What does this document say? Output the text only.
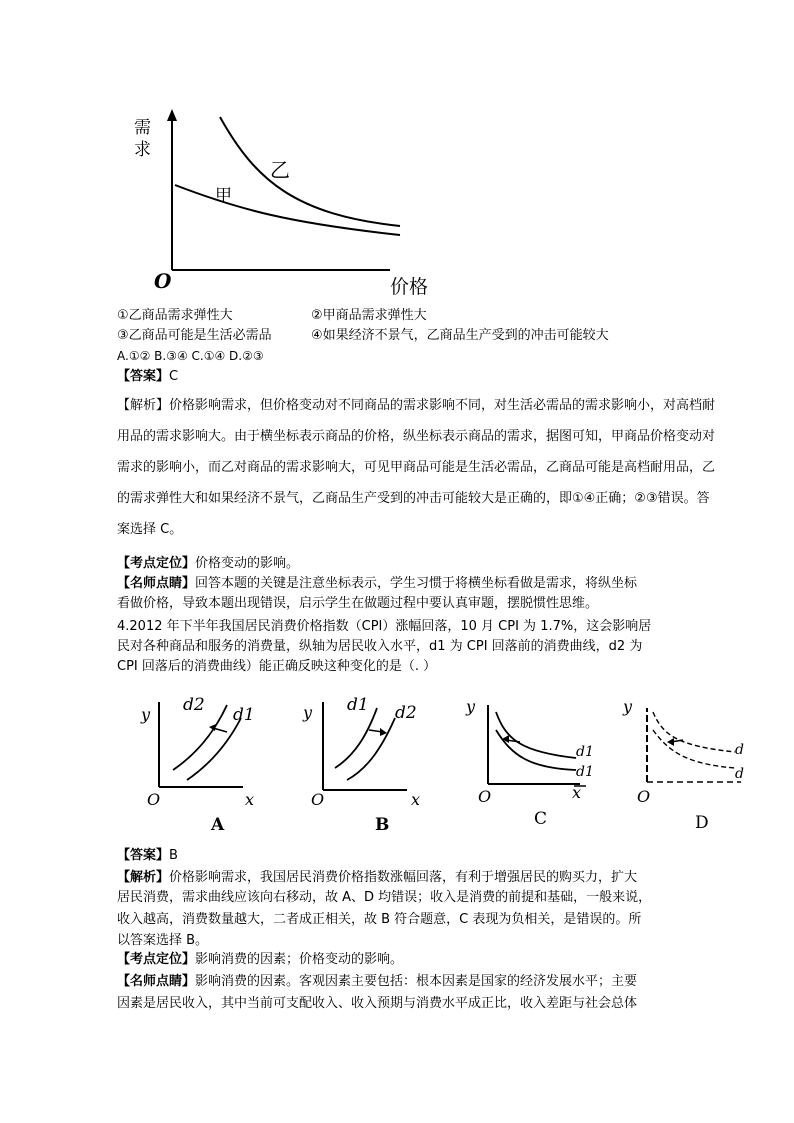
需
求
O	价格
甲
乙
①乙商品需求弹性大	②甲商品需求弹性大
③乙商品可能是生活必需品	④如果经济不景气，乙商品生产受到的冲击可能较大
A.①② B.③④ C.①④ D.②③
【答案】C
【解析】价格影响需求，但价格变动对不同商品的需求影响不同，对生活必需品的需求影响小，对高档耐
用品的需求影响大。由于横坐标表示商品的价格，纵坐标表示商品的需求，据图可知，甲商品价格变动对
需求的影响小，而乙对商品的需求影响大，可见甲商品可能是生活必需品，乙商品可能是高档耐用品，乙
的需求弹性大和如果经济不景气，乙商品生产受到的冲击可能较大是正确的，即①④正确；②③错误。答
案选择 C。
【考点定位】价格变动的影响。
【名师点睛】回答本题的关键是注意坐标表示，学生习惯于将横坐标看做是需求，将纵坐标
看做价格，导致本题出现错误，启示学生在做题过程中要认真审题，摆脱惯性思维。
4.2012 年下半年我国居民消费价格指数（CPI）涨幅回落，10 月 CPI 为 1.7%，这会影响居
民对各种商品和服务的消费量，纵轴为居民收入水平，d1 为 CPI 回落前的消费曲线，d2 为
CPI 回落后的消费曲线）能正确反映这种变化的是（. ）
y
O	x
d2 d1
A
y
O	x
d1 d2
B
y
O	x
d1
d1
C
y
O
d
d
D
【答案】B
【解析】价格影响需求，我国居民消费价格指数涨幅回落，有利于增强居民的购买力，扩大
居民消费，需求曲线应该向右移动，故 A、D 均错误；收入是消费的前提和基础，一般来说，
收入越高，消费数量越大，二者成正相关，故 B 符合题意，C 表现为负相关，是错误的。所
以答案选择 B。
【考点定位】影响消费的因素；价格变动的影响。
【名师点睛】影响消费的因素。客观因素主要包括：根本因素是国家的经济发展水平；主要
因素是居民收入，其中当前可支配收入、收入预期与消费水平成正比，收入差距与社会总体
